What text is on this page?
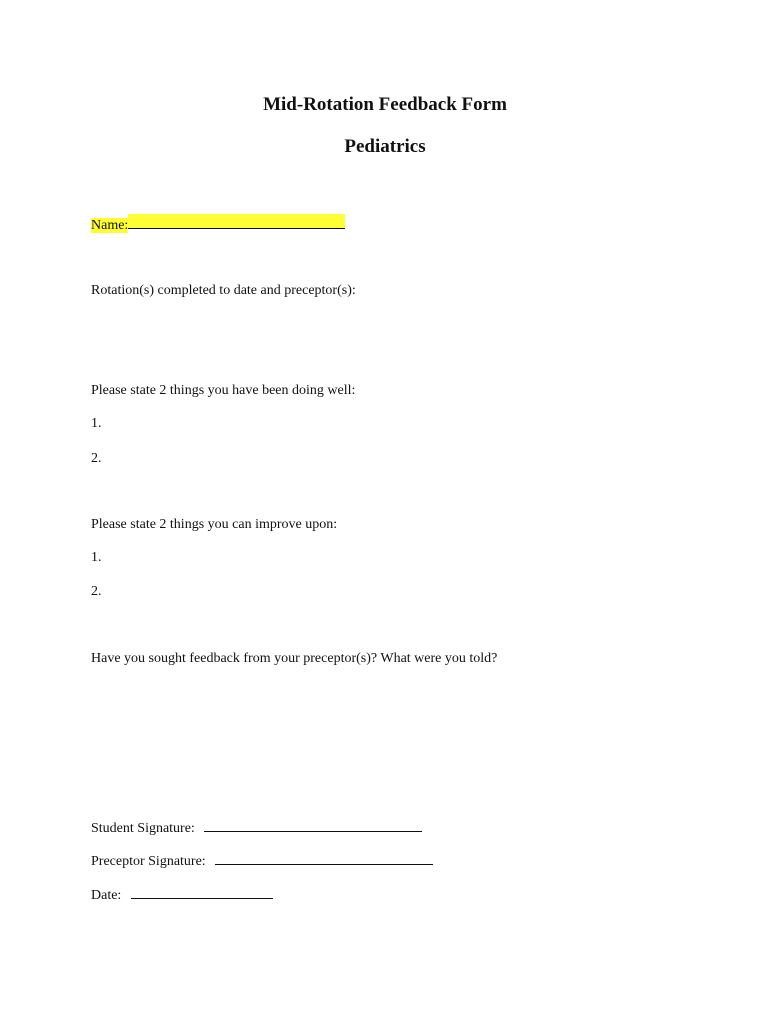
Mid-Rotation Feedback Form
Pediatrics
Name:
Rotation(s) completed to date and preceptor(s):
Please state 2 things you have been doing well:
1.
2.
Please state 2 things you can improve upon:
1.
2.
Have you sought feedback from your preceptor(s)? What were you told?
Student Signature:
Preceptor Signature:
Date:
